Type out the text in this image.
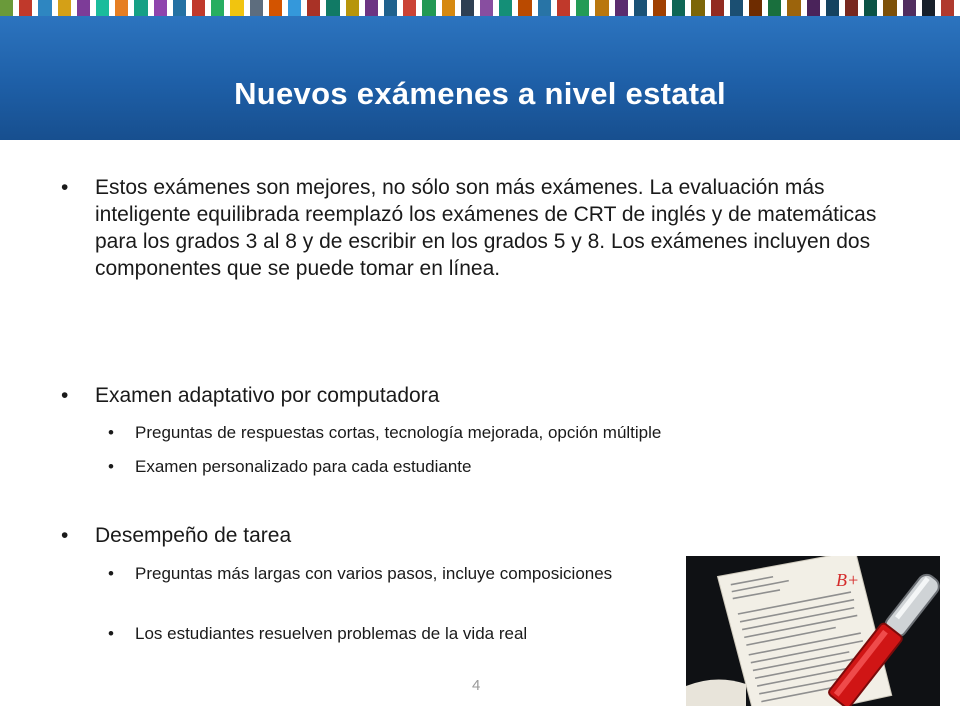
Nuevos exámenes a nivel estatal
• Estos exámenes son mejores, no sólo son más exámenes. La evaluación más inteligente equilibrada reemplazó los exámenes de CRT de inglés y de matemáticas para los grados 3 al 8 y de escribir en los grados 5 y 8. Los exámenes incluyen dos componentes que se puede tomar en línea.
• Examen adaptativo por computadora
• Preguntas de respuestas cortas, tecnología mejorada, opción múltiple
• Examen personalizado para cada estudiante
• Desempeño de tarea
• Preguntas más largas con varios pasos, incluye composiciones
• Los estudiantes resuelven problemas de la vida real
B+
4
